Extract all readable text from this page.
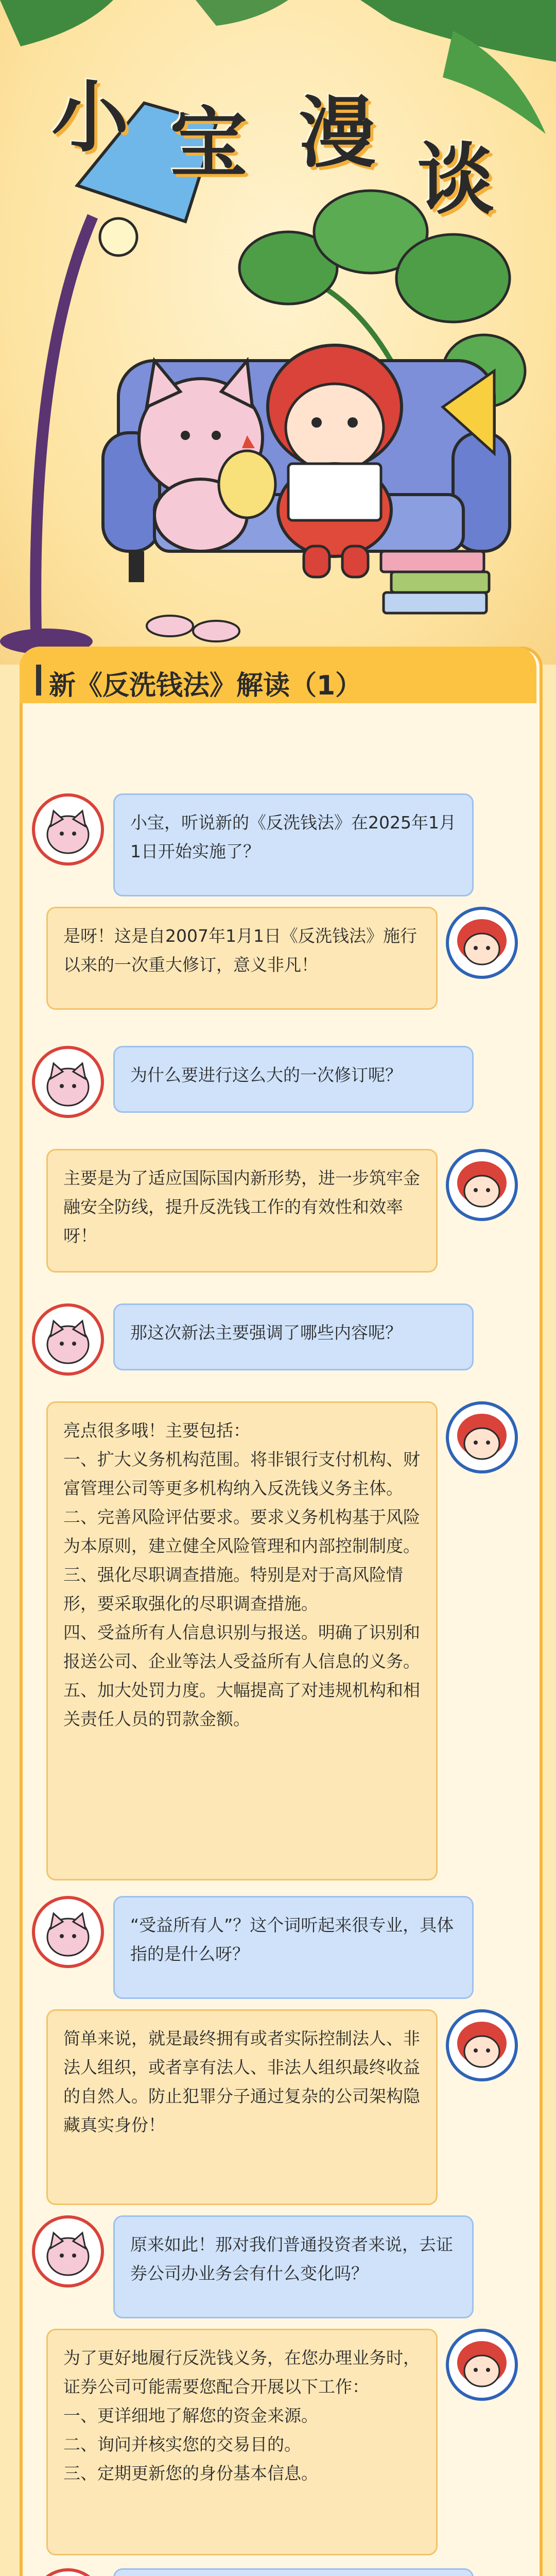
小 宝 漫
谈
新《反洗钱法》解读（1）
小宝，听说新的《反洗钱法》在2025年1月1日开始实施了？
是呀！这是自2007年1月1日《反洗钱法》施行以来的一次重大修订，意义非凡！
为什么要进行这么大的一次修订呢？
主要是为了适应国际国内新形势，进一步筑牢金融安全防线，提升反洗钱工作的有效性和效率呀！
那这次新法主要强调了哪些内容呢？
亮点很多哦！主要包括：
一、扩大义务机构范围。将非银行支付机构、财富管理公司等更多机构纳入反洗钱义务主体。
二、完善风险评估要求。要求义务机构基于风险为本原则，建立健全风险管理和内部控制制度。
三、强化尽职调查措施。特别是对于高风险情形，要采取强化的尽职调查措施。
四、受益所有人信息识别与报送。明确了识别和报送公司、企业等法人受益所有人信息的义务。
五、加大处罚力度。大幅提高了对违规机构和相关责任人员的罚款金额。
“受益所有人”？这个词听起来很专业，具体指的是什么呀？
简单来说，就是最终拥有或者实际控制法人、非法人组织，或者享有法人、非法人组织最终收益的自然人。防止犯罪分子通过复杂的公司架构隐藏真实身份！
原来如此！那对我们普通投资者来说，去证券公司办业务会有什么变化吗？
为了更好地履行反洗钱义务，在您办理业务时，证券公司可能需要您配合开展以下工作：
一、更详细地了解您的资金来源。
二、询问并核实您的交易目的。
三、定期更新您的身份基本信息。
